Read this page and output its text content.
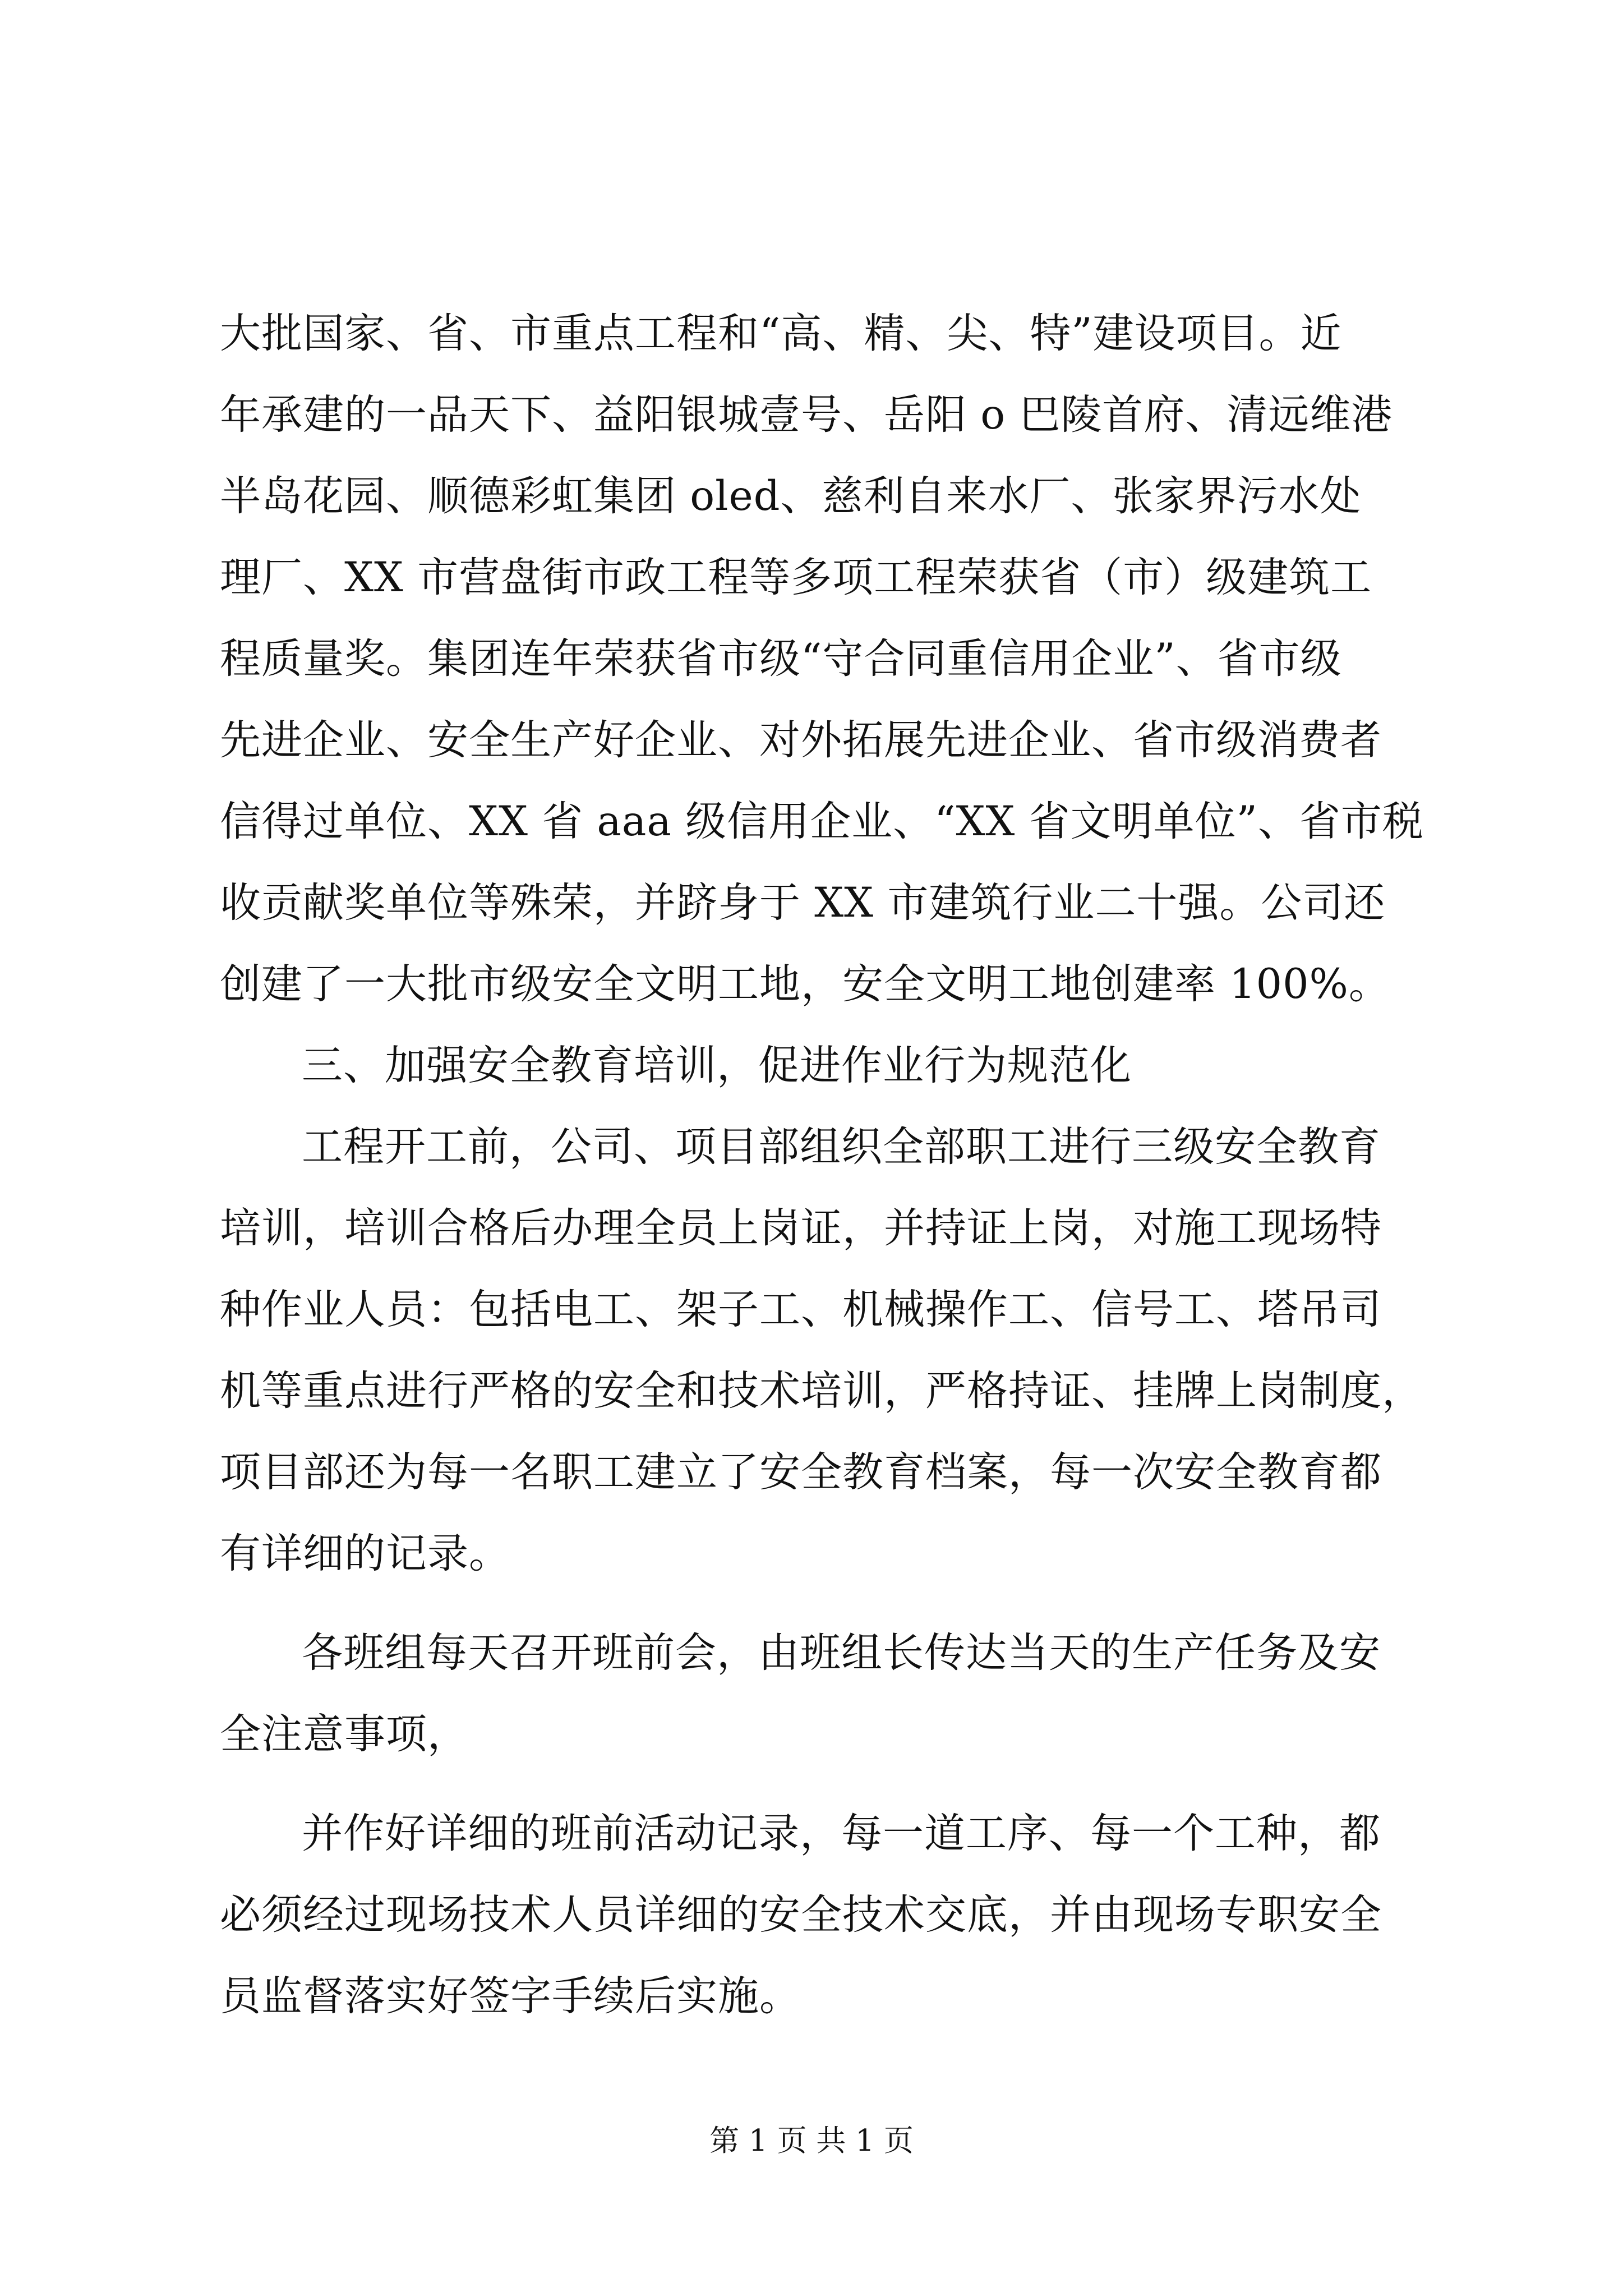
大批国家、省、市重点工程和“高、精、尖、特”建设项目。近
年承建的一品天下、益阳银城壹号、岳阳 o 巴陵首府、清远维港
半岛花园、顺德彩虹集团 oled、慈利自来水厂、张家界污水处
理厂、XX 市营盘街市政工程等多项工程荣获省（市）级建筑工
程质量奖。集团连年荣获省市级“守合同重信用企业”、省市级
先进企业、安全生产好企业、对外拓展先进企业、省市级消费者
信得过单位、XX 省 aaa 级信用企业、“XX 省文明单位”、省市税
收贡献奖单位等殊荣，并跻身于 XX 市建筑行业二十强。公司还
创建了一大批市级安全文明工地，安全文明工地创建率 100%。
三、加强安全教育培训，促进作业行为规范化
工程开工前，公司、项目部组织全部职工进行三级安全教育
培训，培训合格后办理全员上岗证，并持证上岗，对施工现场特
种作业人员：包括电工、架子工、机械操作工、信号工、塔吊司
机等重点进行严格的安全和技术培训，严格持证、挂牌上岗制度，
项目部还为每一名职工建立了安全教育档案，每一次安全教育都
有详细的记录。
各班组每天召开班前会，由班组长传达当天的生产任务及安
全注意事项，
并作好详细的班前活动记录，每一道工序、每一个工种，都
必须经过现场技术人员详细的安全技术交底，并由现场专职安全
员监督落实好签字手续后实施。
第 1 页 共 1 页
